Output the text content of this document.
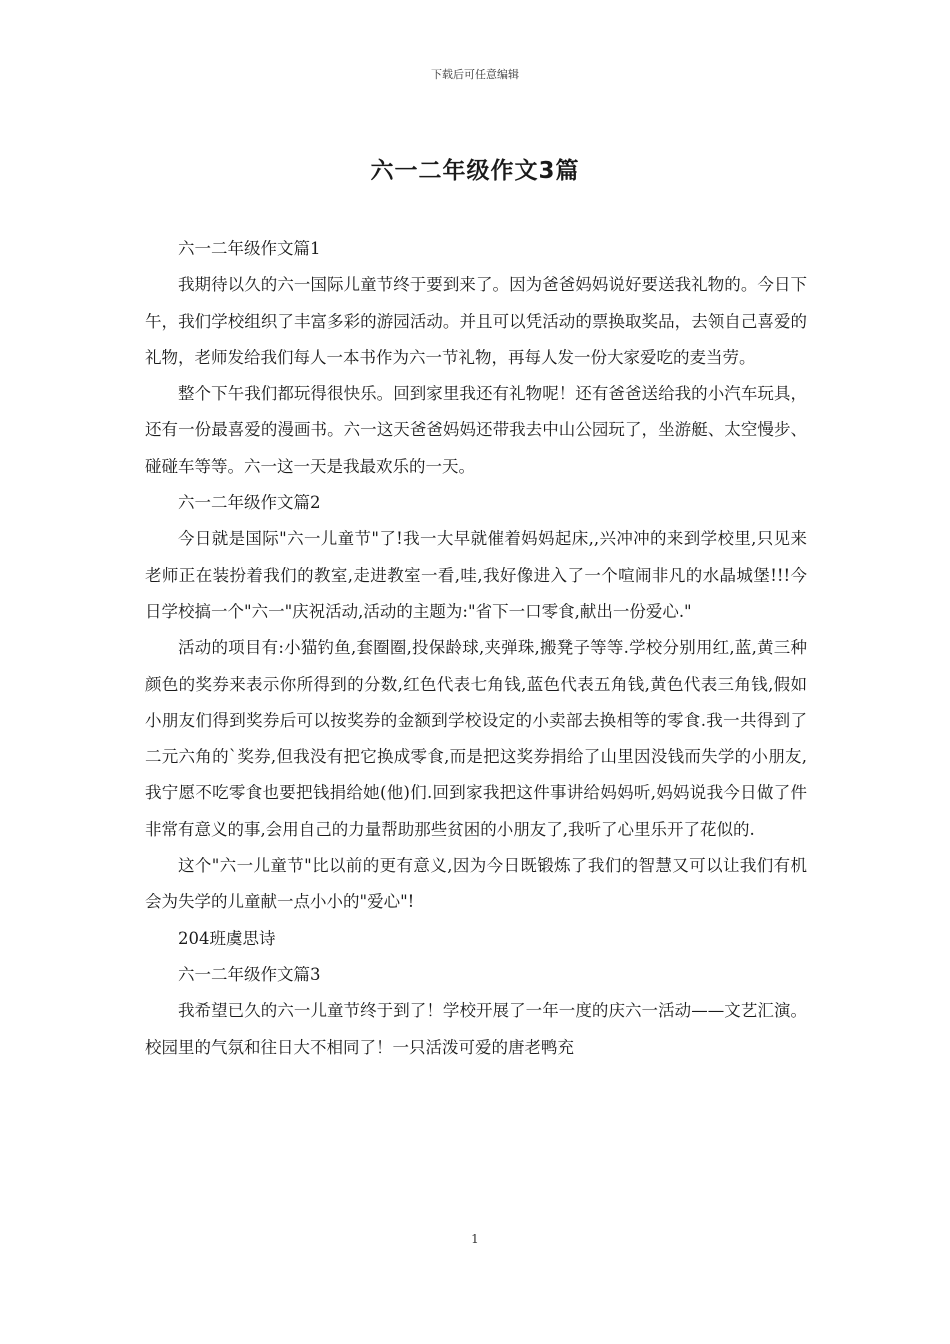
下载后可任意编辑
六一二年级作文3篇

六一二年级作文篇1

我期待以久的六一国际儿童节终于要到来了。因为爸爸妈妈说好要送我礼物的。今日下午，我们学校组织了丰富多彩的游园活动。并且可以凭活动的票换取奖品，去领自己喜爱的礼物，老师发给我们每人一本书作为六一节礼物，再每人发一份大家爱吃的麦当劳。

整个下午我们都玩得很快乐。回到家里我还有礼物呢！还有爸爸送给我的小汽车玩具，还有一份最喜爱的漫画书。六一这天爸爸妈妈还带我去中山公园玩了，坐游艇、太空慢步、碰碰车等等。六一这一天是我最欢乐的一天。

六一二年级作文篇2

今日就是国际"六一儿童节"了!我一大早就催着妈妈起床,,兴冲冲的来到学校里,只见来老师正在装扮着我们的教室,走进教室一看,哇,我好像进入了一个喧闹非凡的水晶城堡!!!今日学校搞一个"六一"庆祝活动,活动的主题为:"省下一口零食,献出一份爱心."

活动的项目有:小猫钓鱼,套圈圈,投保龄球,夹弹珠,搬凳子等等.学校分别用红,蓝,黄三种颜色的奖券来表示你所得到的分数,红色代表七角钱,蓝色代表五角钱,黄色代表三角钱,假如小朋友们得到奖券后可以按奖券的金额到学校设定的小卖部去换相等的零食.我一共得到了二元六角的`奖券,但我没有把它换成零食,而是把这奖券捐给了山里因没钱而失学的小朋友,我宁愿不吃零食也要把钱捐给她(他)们.回到家我把这件事讲给妈妈听,妈妈说我今日做了件非常有意义的事,会用自己的力量帮助那些贫困的小朋友了,我听了心里乐开了花似的.

这个"六一儿童节"比以前的更有意义,因为今日既锻炼了我们的智慧又可以让我们有机会为失学的儿童献一点小小的"爱心"!

204班虞思诗

六一二年级作文篇3

我希望已久的六一儿童节终于到了！学校开展了一年一度的庆六一活动——文艺汇演。校园里的气氛和往日大不相同了！一只活泼可爱的唐老鸭充

1
